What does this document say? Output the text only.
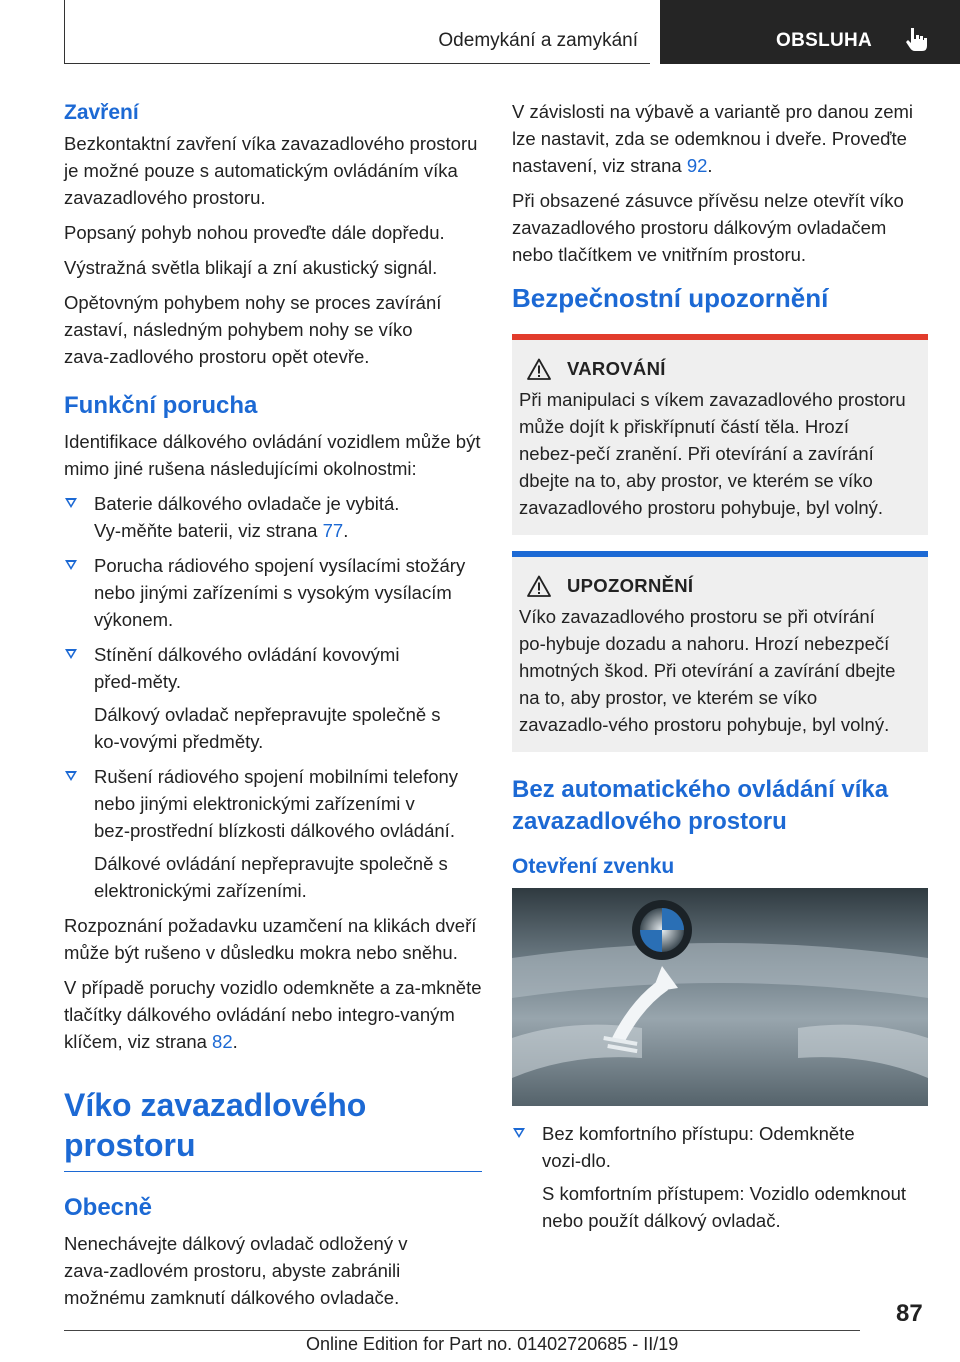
Odemykání a zamykání	OBSLUHA
Zavření

Bezkontaktní zavření víka zavazadlového prostoru je možné pouze s automatickým ovládáním víka zavazadlového prostoru.

Popsaný pohyb nohou proveďte dále dopředu.

Výstražná světla blikají a zní akustický signál.

Opětovným pohybem nohy se proces zavírání zastaví, následným pohybem nohy se víko zava‑zadlového prostoru opět otevře.

Funkční porucha

Identifikace dálkového ovládání vozidlem může být mimo jiné rušena následujícími okolnostmi:

Baterie dálkového ovladače je vybitá. Vy‑měňte baterii, viz strana 77.

Porucha rádiového spojení vysílacími stožáry nebo jinými zařízeními s vysokým vysílacím výkonem.

Stínění dálkového ovládání kovovými před‑měty.

Dálkový ovladač nepřepravujte společně s ko‑vovými předměty.

Rušení rádiového spojení mobilními telefony nebo jinými elektronickými zařízeními v bez‑prostřední blízkosti dálkového ovládání.

Dálkové ovládání nepřepravujte společně s elektronickými zařízeními.

Rozpoznání požadavku uzamčení na klikách dveří může být rušeno v důsledku mokra nebo sněhu.

V případě poruchy vozidlo odemkněte a za‑mkněte tlačítky dálkového ovládání nebo integro‑vaným klíčem, viz strana 82.

Víko zavazadlového prostoru
Obecně

Nenechávejte dálkový ovladač odložený v zava‑zadlovém prostoru, abyste zabránili možnému zamknutí dálkového ovladače.

V závislosti na výbavě a variantě pro danou zemi lze nastavit, zda se odemknou i dveře. Proveďte nastavení, viz strana 92.

Při obsazené zásuvce přívěsu nelze otevřít víko zavazadlového prostoru dálkovým ovladačem nebo tlačítkem ve vnitřním prostoru.

Bezpečnostní upozornění
VAROVÁNÍ

Při manipulaci s víkem zavazadlového prostoru může dojít k přiskřípnutí částí těla. Hrozí nebez‑pečí zranění. Při otevírání a zavírání dbejte na to, aby prostor, ve kterém se víko zavazadlového prostoru pohybuje, byl volný.

UPOZORNĚNÍ

Víko zavazadlového prostoru se při otvírání po‑hybuje dozadu a nahoru. Hrozí nebezpečí hmotných škod. Při otevírání a zavírání dbejte na to, aby prostor, ve kterém se víko zavazadlo‑vého prostoru pohybuje, byl volný.

Bez automatického ovládání víka zavazadlového prostoru
Otevření zvenku

Bez komfortního přístupu: Odemkněte vozi‑dlo.

S komfortním přístupem: Vozidlo odemknout nebo použít dálkový ovladač.

87
Online Edition for Part no. 01402720685 - II/19
